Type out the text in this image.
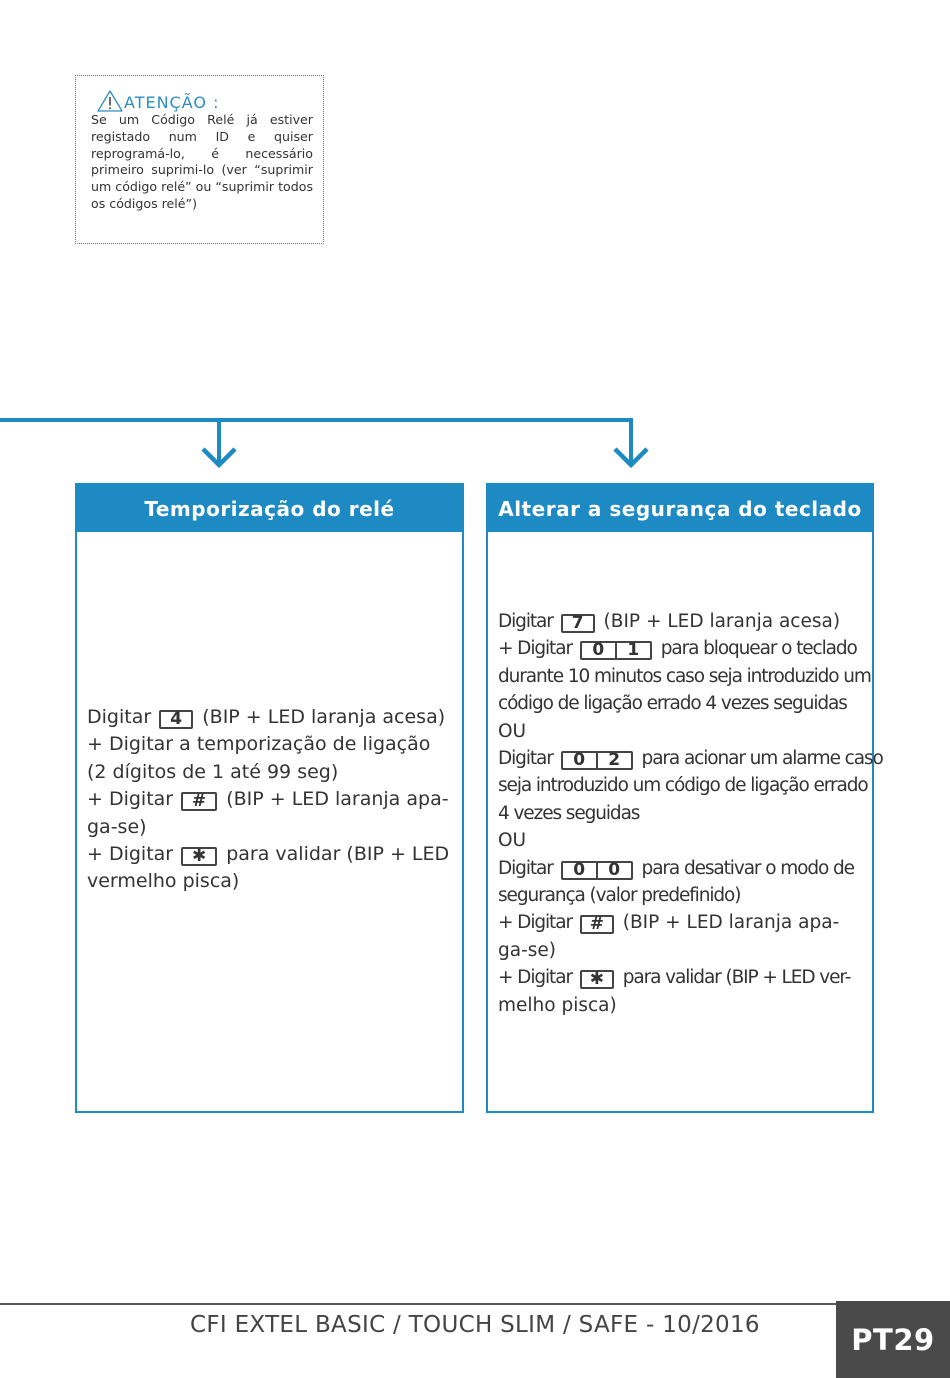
ATENÇÃO :
Se um Código Relé já estiver registado num ID e quiser reprogramá-lo, é necessário primeiro suprimi-lo (ver “suprimir um código relé” ou “suprimir todos os códigos relé”)
Temporização do relé
Digitar 4 (BIP + LED laranja acesa)
+ Digitar a temporização de ligação
(2 dígitos de 1 até 99 seg)
+ Digitar # (BIP + LED laranja apa-
ga-se)
+ Digitar ✱ para validar (BIP + LED
vermelho pisca)
Alterar a segurança do teclado
Digitar 7 (BIP + LED laranja acesa)
+ Digitar	0	1	para bloquear o teclado
durante 10 minutos caso seja introduzido um
código de ligação errado 4 vezes seguidas
OU
Digitar	0	2	para acionar um alarme caso
seja introduzido um código de ligação errado
4 vezes seguidas
OU
Digitar	0	0	para desativar o modo de
segurança (valor predefinido)
+ Digitar # (BIP + LED laranja apa-
ga-se)
+ Digitar ✱ para validar (BIP + LED ver-
melho pisca)
CFI EXTEL BASIC / TOUCH SLIM / SAFE - 10/2016	PT29
